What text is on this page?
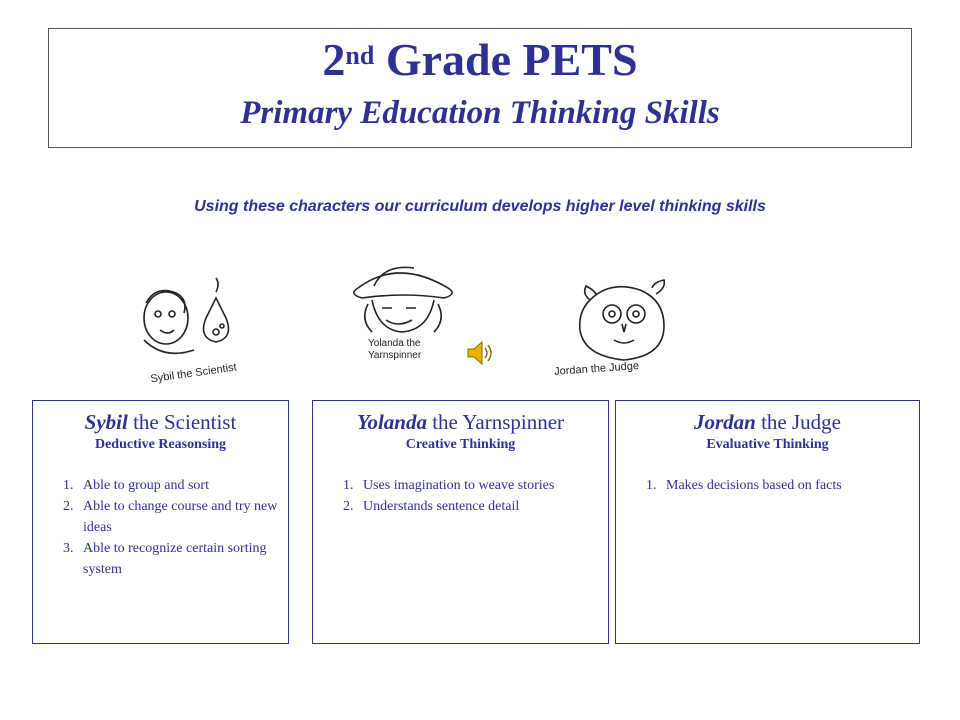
2nd Grade PETS
Primary Education Thinking Skills
Using these characters our curriculum develops higher level thinking skills
Sybil the Scientist
Yolanda the
Yarnspinner
Jordan the Judge
Sybil the Scientist
Deductive Reasonsing
1. Able to group and sort
2. Able to change course and try new ideas
3. Able to recognize certain sorting system
Yolanda the Yarnspinner
Creative Thinking
1. Uses imagination to weave stories
2. Understands sentence detail
Jordan the Judge
Evaluative Thinking
1. Makes decisions based on facts
